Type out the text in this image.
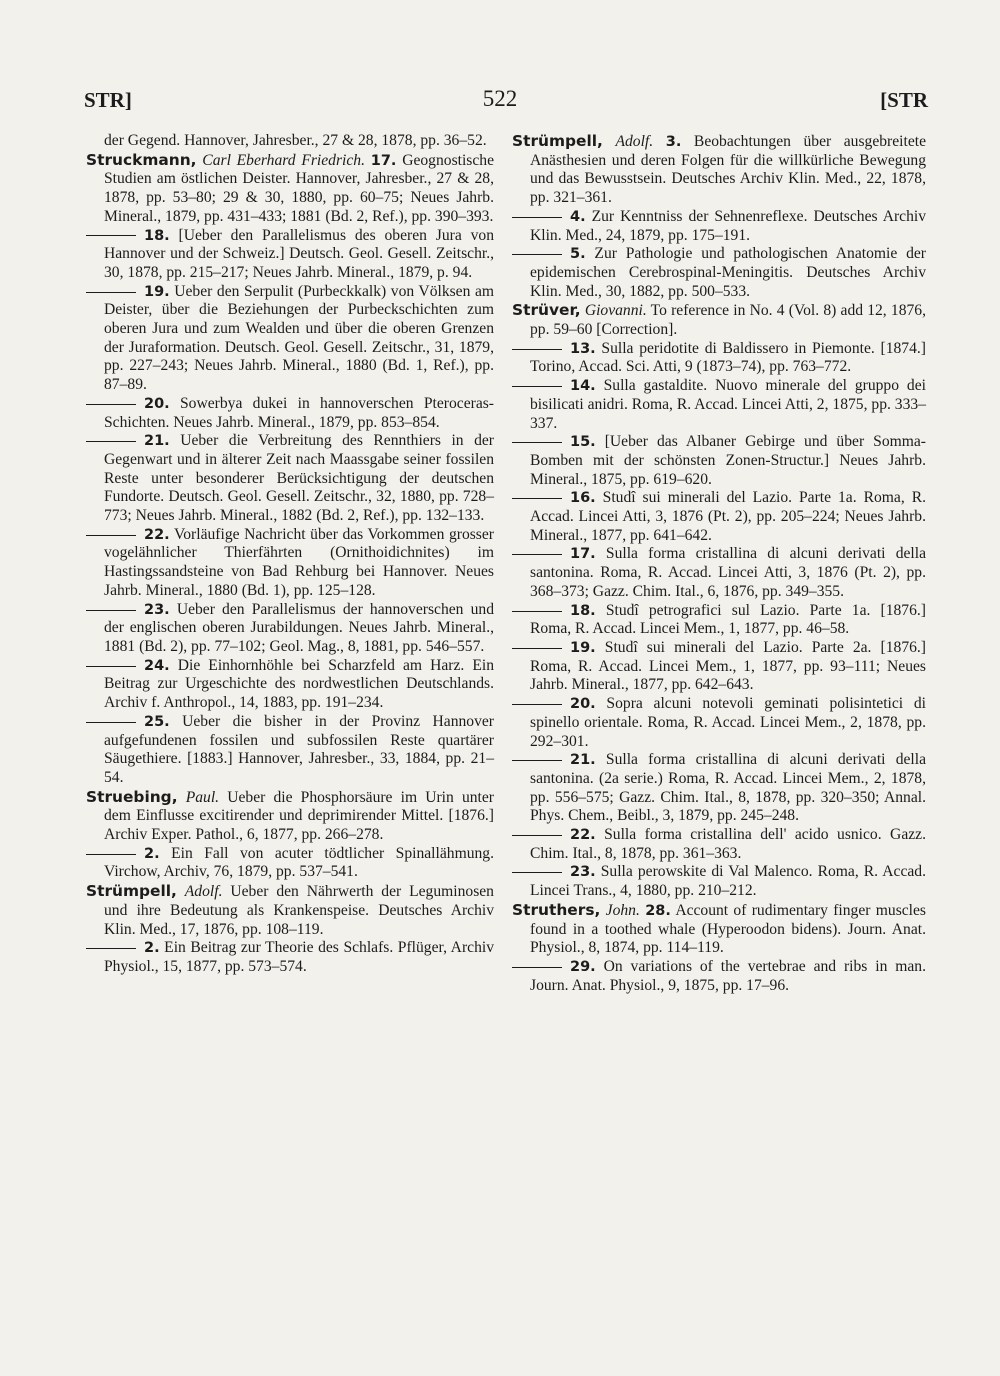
STR]	522	[STR

der Gegend. Hannover, Jahresber., 27 & 28, 1878, pp. 36–52.

Struckmann, Carl Eberhard Friedrich. 17. Geognostische Studien am östlichen Deister. Hannover, Jahresber., 27 & 28, 1878, pp. 53–80; 29 & 30, 1880, pp. 60–75; Neues Jahrb. Mineral., 1879, pp. 431–433; 1881 (Bd. 2, Ref.), pp. 390–393.

18. [Ueber den Parallelismus des oberen Jura von Hannover und der Schweiz.] Deutsch. Geol. Gesell. Zeitschr., 30, 1878, pp. 215–217; Neues Jahrb. Mineral., 1879, p. 94.

19. Ueber den Serpulit (Purbeckkalk) von Völksen am Deister, über die Beziehungen der Purbeckschichten zum oberen Jura und zum Wealden und über die oberen Grenzen der Juraformation. Deutsch. Geol. Gesell. Zeitschr., 31, 1879, pp. 227–243; Neues Jahrb. Mineral., 1880 (Bd. 1, Ref.), pp. 87–89.

20. Sowerbya dukei in hannoverschen Pteroceras-Schichten. Neues Jahrb. Mineral., 1879, pp. 853–854.

21. Ueber die Verbreitung des Rennthiers in der Gegenwart und in älterer Zeit nach Maassgabe seiner fossilen Reste unter besonderer Berücksichtigung der deutschen Fundorte. Deutsch. Geol. Gesell. Zeitschr., 32, 1880, pp. 728–773; Neues Jahrb. Mineral., 1882 (Bd. 2, Ref.), pp. 132–133.

22. Vorläufige Nachricht über das Vorkommen grosser vogelähnlicher Thierfährten (Ornithoidichnites) im Hastingssandsteine von Bad Rehburg bei Hannover. Neues Jahrb. Mineral., 1880 (Bd. 1), pp. 125–128.

23. Ueber den Parallelismus der hannoverschen und der englischen oberen Jurabildungen. Neues Jahrb. Mineral., 1881 (Bd. 2), pp. 77–102; Geol. Mag., 8, 1881, pp. 546–557.

24. Die Einhornhöhle bei Scharzfeld am Harz. Ein Beitrag zur Urgeschichte des nordwestlichen Deutschlands. Archiv f. Anthropol., 14, 1883, pp. 191–234.

25. Ueber die bisher in der Provinz Hannover aufgefundenen fossilen und subfossilen Reste quartärer Säugethiere. [1883.] Hannover, Jahresber., 33, 1884, pp. 21–54.

Struebing, Paul. Ueber die Phosphorsäure im Urin unter dem Einflusse excitirender und deprimirender Mittel. [1876.] Archiv Exper. Pathol., 6, 1877, pp. 266–278.

2. Ein Fall von acuter tödtlicher Spinallähmung. Virchow, Archiv, 76, 1879, pp. 537–541.

Strümpell, Adolf. Ueber den Nährwerth der Leguminosen und ihre Bedeutung als Krankenspeise. Deutsches Archiv Klin. Med., 17, 1876, pp. 108–119.

2. Ein Beitrag zur Theorie des Schlafs. Pflüger, Archiv Physiol., 15, 1877, pp. 573–574.

Strümpell, Adolf. 3. Beobachtungen über ausgebreitete Anästhesien und deren Folgen für die willkürliche Bewegung und das Bewusstsein. Deutsches Archiv Klin. Med., 22, 1878, pp. 321–361.

4. Zur Kenntniss der Sehnenreflexe. Deutsches Archiv Klin. Med., 24, 1879, pp. 175–191.

5. Zur Pathologie und pathologischen Anatomie der epidemischen Cerebrospinal-Meningitis. Deutsches Archiv Klin. Med., 30, 1882, pp. 500–533.

Strüver, Giovanni. To reference in No. 4 (Vol. 8) add 12, 1876, pp. 59–60 [Correction].

13. Sulla peridotite di Baldissero in Piemonte. [1874.] Torino, Accad. Sci. Atti, 9 (1873–74), pp. 763–772.

14. Sulla gastaldite. Nuovo minerale del gruppo dei bisilicati anidri. Roma, R. Accad. Lincei Atti, 2, 1875, pp. 333–337.

15. [Ueber das Albaner Gebirge und über Somma-Bomben mit der schönsten Zonen-Structur.] Neues Jahrb. Mineral., 1875, pp. 619–620.

16. Studî sui minerali del Lazio. Parte 1a. Roma, R. Accad. Lincei Atti, 3, 1876 (Pt. 2), pp. 205–224; Neues Jahrb. Mineral., 1877, pp. 641–642.

17. Sulla forma cristallina di alcuni derivati della santonina. Roma, R. Accad. Lincei Atti, 3, 1876 (Pt. 2), pp. 368–373; Gazz. Chim. Ital., 6, 1876, pp. 349–355.

18. Studî petrografici sul Lazio. Parte 1a. [1876.] Roma, R. Accad. Lincei Mem., 1, 1877, pp. 46–58.

19. Studî sui minerali del Lazio. Parte 2a. [1876.] Roma, R. Accad. Lincei Mem., 1, 1877, pp. 93–111; Neues Jahrb. Mineral., 1877, pp. 642–643.

20. Sopra alcuni notevoli geminati polisintetici di spinello orientale. Roma, R. Accad. Lincei Mem., 2, 1878, pp. 292–301.

21. Sulla forma cristallina di alcuni derivati della santonina. (2a serie.) Roma, R. Accad. Lincei Mem., 2, 1878, pp. 556–575; Gazz. Chim. Ital., 8, 1878, pp. 320–350; Annal. Phys. Chem., Beibl., 3, 1879, pp. 245–248.

22. Sulla forma cristallina dell' acido usnico. Gazz. Chim. Ital., 8, 1878, pp. 361–363.

23. Sulla perowskite di Val Malenco. Roma, R. Accad. Lincei Trans., 4, 1880, pp. 210–212.

Struthers, John. 28. Account of rudimentary finger muscles found in a toothed whale (Hyperoodon bidens). Journ. Anat. Physiol., 8, 1874, pp. 114–119.

29. On variations of the vertebrae and ribs in man. Journ. Anat. Physiol., 9, 1875, pp. 17–96.
